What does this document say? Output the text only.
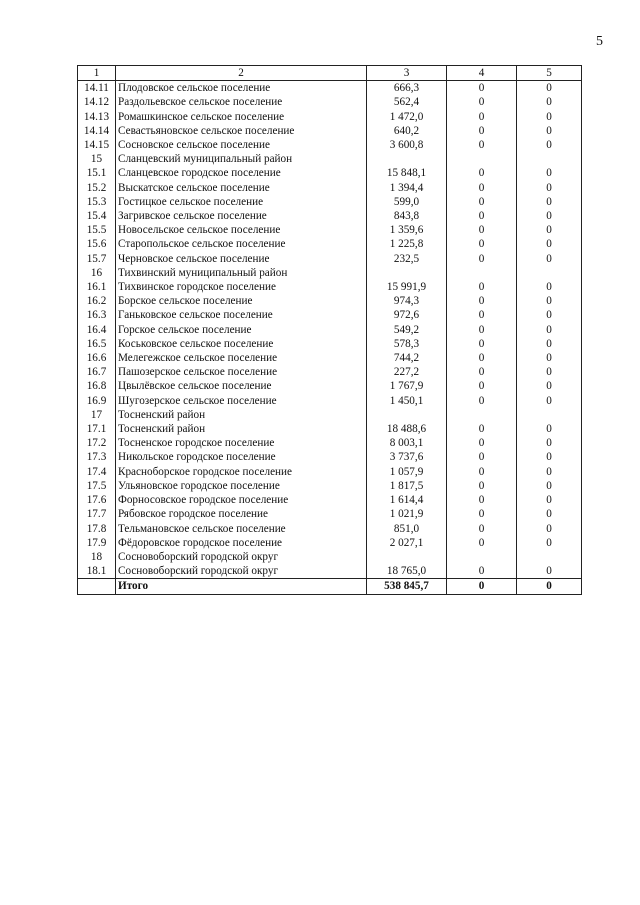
5
1	2	3	4	5
14.11	Плодовское сельское поселение	666,3	0	0
14.12	Раздольевское сельское поселение	562,4	0	0
14.13	Ромашкинское сельское поселение	1 472,0	0	0
14.14	Севастьяновское сельское поселение	640,2	0	0
14.15	Сосновское сельское поселение	3 600,8	0	0
15	Сланцевский муниципальный район			
15.1	Сланцевское городское поселение	15 848,1	0	0
15.2	Выскатское сельское поселение	1 394,4	0	0
15.3	Гостицкое сельское поселение	599,0	0	0
15.4	Загривское сельское поселение	843,8	0	0
15.5	Новосельское сельское поселение	1 359,6	0	0
15.6	Старопольское сельское поселение	1 225,8	0	0
15.7	Черновское сельское поселение	232,5	0	0
16	Тихвинский муниципальный район			
16.1	Тихвинское городское поселение	15 991,9	0	0
16.2	Борское сельское поселение	974,3	0	0
16.3	Ганьковское сельское поселение	972,6	0	0
16.4	Горское сельское поселение	549,2	0	0
16.5	Коськовское сельское поселение	578,3	0	0
16.6	Мелегежское сельское поселение	744,2	0	0
16.7	Пашозерское сельское поселение	227,2	0	0
16.8	Цвылёвское сельское поселение	1 767,9	0	0
16.9	Шугозерское сельское поселение	1 450,1	0	0
17	Тосненский район			
17.1	Тосненский район	18 488,6	0	0
17.2	Тосненское городское поселение	8 003,1	0	0
17.3	Никольское городское поселение	3 737,6	0	0
17.4	Красноборское городское поселение	1 057,9	0	0
17.5	Ульяновское городское поселение	1 817,5	0	0
17.6	Форносовское городское поселение	1 614,4	0	0
17.7	Рябовское городское поселение	1 021,9	0	0
17.8	Тельмановское сельское поселение	851,0	0	0
17.9	Фёдоровское городское поселение	2 027,1	0	0
18	Сосновоборский городской округ			
18.1	Сосновоборский городской округ	18 765,0	0	0
	Итого	538 845,7	0	0
